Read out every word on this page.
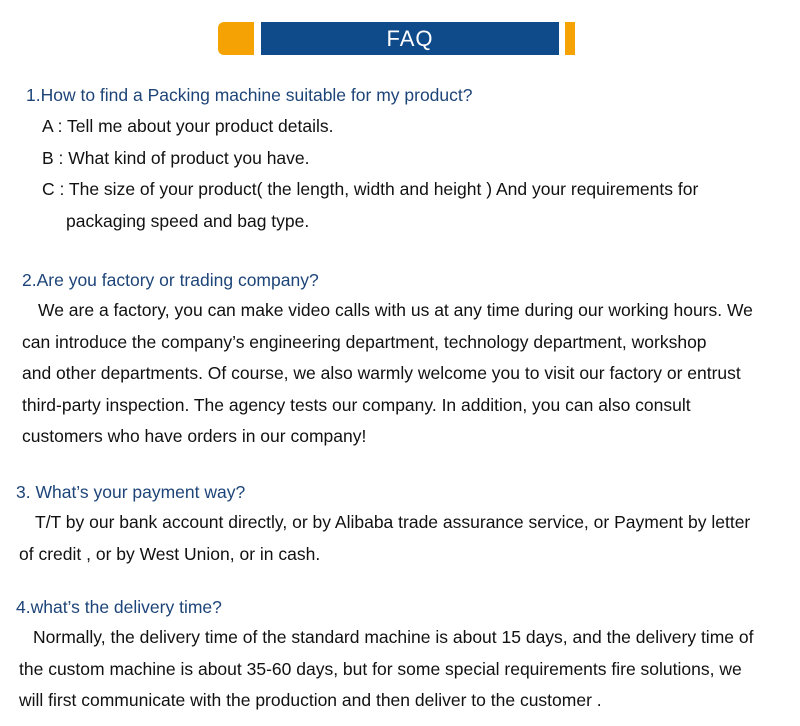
FAQ
1.How to find a Packing machine suitable for my product?
A : Tell me about your product details.
B : What kind of product you have.
C : The size of your product( the length, width and height ) And your requirements for
packaging speed and bag type.
2.Are you factory or trading company?
We are a factory, you can make video calls with us at any time during our working hours. We
can introduce the company’s engineering department, technology department, workshop
and other departments. Of course, we also warmly welcome you to visit our factory or entrust
third-party inspection. The agency tests our company. In addition, you can also consult
customers who have orders in our company!
3. What’s your payment way?
T/T by our bank account directly, or by Alibaba trade assurance service, or Payment by letter
of credit , or by West Union, or in cash.
4.what’s the delivery time?
Normally, the delivery time of the standard machine is about 15 days, and the delivery time of
the custom machine is about 35-60 days, but for some special requirements fire solutions, we
will first communicate with the production and then deliver to the customer .
